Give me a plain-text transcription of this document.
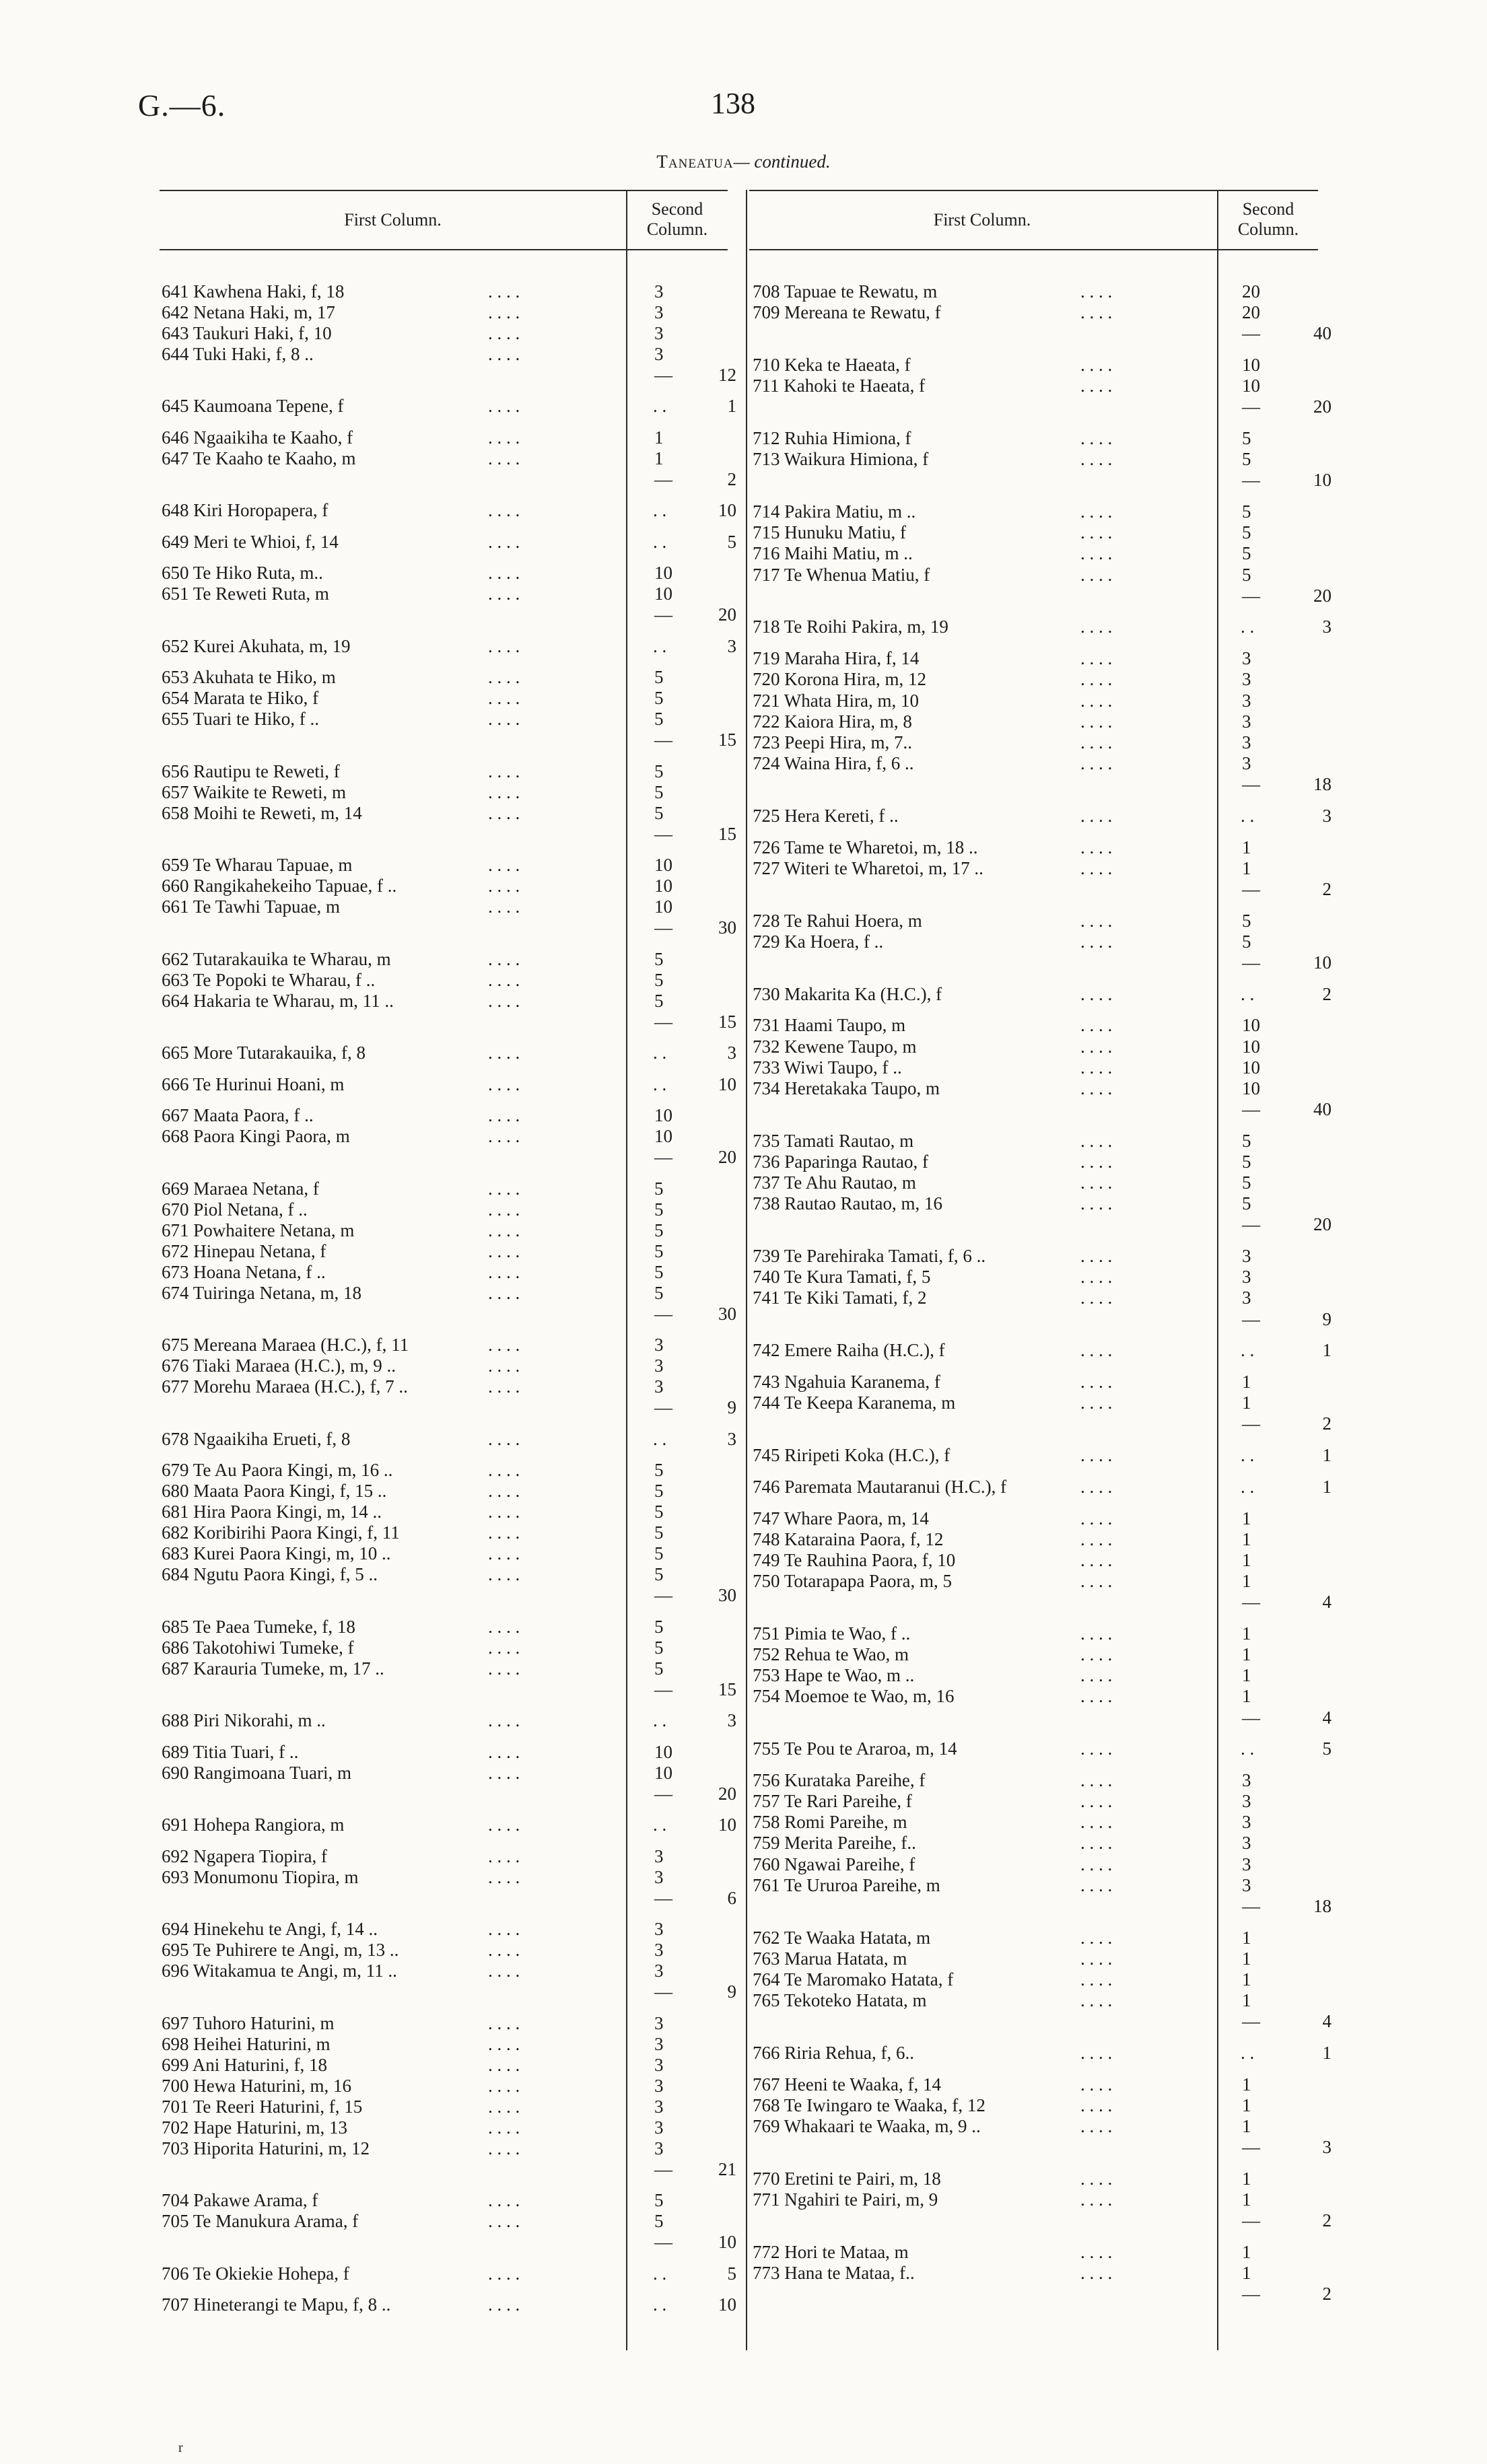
G.—6.	138
Taneatua— continued.
First Column.
Second
Column.	First Column.
Second
Column.
641 Kawhena Haki, f, 18	. . . .	3
642 Netana Haki, m, 17	. . . .	3
643 Taukuri Haki, f, 10	. . . .	3
644 Tuki Haki, f, 8 ..	. . . .	3
—	12
645 Kaumoana Tepene, f	. . . .	. .	1
646 Ngaaikiha te Kaaho, f	. . . .	1
647 Te Kaaho te Kaaho, m	. . . .	1
—	2
648 Kiri Horopapera, f	. . . .	. .	10
649 Meri te Whioi, f, 14	. . . .	. .	5
650 Te Hiko Ruta, m..	. . . .	10
651 Te Reweti Ruta, m	. . . .	10
—	20
652 Kurei Akuhata, m, 19	. . . .	. .	3
653 Akuhata te Hiko, m	. . . .	5
654 Marata te Hiko, f	. . . .	5
655 Tuari te Hiko, f ..	. . . .	5
—	15
656 Rautipu te Reweti, f	. . . .	5
657 Waikite te Reweti, m	. . . .	5
658 Moihi te Reweti, m, 14	. . . .	5
—	15
659 Te Wharau Tapuae, m	. . . .	10
660 Rangikahekeiho Tapuae, f ..	. . . .	10
661 Te Tawhi Tapuae, m	. . . .	10
—	30
662 Tutarakauika te Wharau, m	. . . .	5
663 Te Popoki te Wharau, f ..	. . . .	5
664 Hakaria te Wharau, m, 11 ..	. . . .	5
—	15
665 More Tutarakauika, f, 8	. . . .	. .	3
666 Te Hurinui Hoani, m	. . . .	. .	10
667 Maata Paora, f ..	. . . .	10
668 Paora Kingi Paora, m	. . . .	10
—	20
669 Maraea Netana, f	. . . .	5
670 Piol Netana, f ..	. . . .	5
671 Powhaitere Netana, m	. . . .	5
672 Hinepau Netana, f	. . . .	5
673 Hoana Netana, f ..	. . . .	5
674 Tuiringa Netana, m, 18	. . . .	5
—	30
675 Mereana Maraea (H.C.), f, 11	. . . .	3
676 Tiaki Maraea (H.C.), m, 9 ..	. . . .	3
677 Morehu Maraea (H.C.), f, 7 ..	. . . .	3
—	9
678 Ngaaikiha Erueti, f, 8	. . . .	. .	3
679 Te Au Paora Kingi, m, 16 ..	. . . .	5
680 Maata Paora Kingi, f, 15 ..	. . . .	5
681 Hira Paora Kingi, m, 14 ..	. . . .	5
682 Koribirihi Paora Kingi, f, 11	. . . .	5
683 Kurei Paora Kingi, m, 10 ..	. . . .	5
684 Ngutu Paora Kingi, f, 5 ..	. . . .	5
—	30
685 Te Paea Tumeke, f, 18	. . . .	5
686 Takotohiwi Tumeke, f	. . . .	5
687 Karauria Tumeke, m, 17 ..	. . . .	5
—	15
688 Piri Nikorahi, m ..	. . . .	. .	3
689 Titia Tuari, f ..	. . . .	10
690 Rangimoana Tuari, m	. . . .	10
—	20
691 Hohepa Rangiora, m	. . . .	. .	10
692 Ngapera Tiopira, f	. . . .	3
693 Monumonu Tiopira, m	. . . .	3
—	6
694 Hinekehu te Angi, f, 14 ..	. . . .	3
695 Te Puhirere te Angi, m, 13 ..	. . . .	3
696 Witakamua te Angi, m, 11 ..	. . . .	3
—	9
697 Tuhoro Haturini, m	. . . .	3
698 Heihei Haturini, m	. . . .	3
699 Ani Haturini, f, 18	. . . .	3
700 Hewa Haturini, m, 16	. . . .	3
701 Te Reeri Haturini, f, 15	. . . .	3
702 Hape Haturini, m, 13	. . . .	3
703 Hiporita Haturini, m, 12	. . . .	3
—	21
704 Pakawe Arama, f	. . . .	5
705 Te Manukura Arama, f	. . . .	5
—	10
706 Te Okiekie Hohepa, f	. . . .	. .	5
707 Hineterangi te Mapu, f, 8 ..	. . . .	. .	10
708 Tapuae te Rewatu, m	. . . .	20
709 Mereana te Rewatu, f	. . . .	20
—	40
710 Keka te Haeata, f	. . . .	10
711 Kahoki te Haeata, f	. . . .	10
—	20
712 Ruhia Himiona, f	. . . .	5
713 Waikura Himiona, f	. . . .	5
—	10
714 Pakira Matiu, m ..	. . . .	5
715 Hunuku Matiu, f	. . . .	5
716 Maihi Matiu, m ..	. . . .	5
717 Te Whenua Matiu, f	. . . .	5
—	20
718 Te Roihi Pakira, m, 19	. . . .	. .	3
719 Maraha Hira, f, 14	. . . .	3
720 Korona Hira, m, 12	. . . .	3
721 Whata Hira, m, 10	. . . .	3
722 Kaiora Hira, m, 8	. . . .	3
723 Peepi Hira, m, 7..	. . . .	3
724 Waina Hira, f, 6 ..	. . . .	3
—	18
725 Hera Kereti, f ..	. . . .	. .	3
726 Tame te Wharetoi, m, 18 ..	. . . .	1
727 Witeri te Wharetoi, m, 17 ..	. . . .	1
—	2
728 Te Rahui Hoera, m	. . . .	5
729 Ka Hoera, f ..	. . . .	5
—	10
730 Makarita Ka (H.C.), f	. . . .	. .	2
731 Haami Taupo, m	. . . .	10
732 Kewene Taupo, m	. . . .	10
733 Wiwi Taupo, f ..	. . . .	10
734 Heretakaka Taupo, m	. . . .	10
—	40
735 Tamati Rautao, m	. . . .	5
736 Paparinga Rautao, f	. . . .	5
737 Te Ahu Rautao, m	. . . .	5
738 Rautao Rautao, m, 16	. . . .	5
—	20
739 Te Parehiraka Tamati, f, 6 ..	. . . .	3
740 Te Kura Tamati, f, 5	. . . .	3
741 Te Kiki Tamati, f, 2	. . . .	3
—	9
742 Emere Raiha (H.C.), f	. . . .	. .	1
743 Ngahuia Karanema, f	. . . .	1
744 Te Keepa Karanema, m	. . . .	1
—	2
745 Riripeti Koka (H.C.), f	. . . .	. .	1
746 Paremata Mautaranui (H.C.), f	. . . .	. .	1
747 Whare Paora, m, 14	. . . .	1
748 Kataraina Paora, f, 12	. . . .	1
749 Te Rauhina Paora, f, 10	. . . .	1
750 Totarapapa Paora, m, 5	. . . .	1
—	4
751 Pimia te Wao, f ..	. . . .	1
752 Rehua te Wao, m	. . . .	1
753 Hape te Wao, m ..	. . . .	1
754 Moemoe te Wao, m, 16	. . . .	1
—	4
755 Te Pou te Araroa, m, 14	. . . .	. .	5
756 Kurataka Pareihe, f	. . . .	3
757 Te Rari Pareihe, f	. . . .	3
758 Romi Pareihe, m	. . . .	3
759 Merita Pareihe, f..	. . . .	3
760 Ngawai Pareihe, f	. . . .	3
761 Te Ururoa Pareihe, m	. . . .	3
—	18
762 Te Waaka Hatata, m	. . . .	1
763 Marua Hatata, m	. . . .	1
764 Te Maromako Hatata, f	. . . .	1
765 Tekoteko Hatata, m	. . . .	1
—	4
766 Riria Rehua, f, 6..	. . . .	. .	1
767 Heeni te Waaka, f, 14	. . . .	1
768 Te Iwingaro te Waaka, f, 12	. . . .	1
769 Whakaari te Waaka, m, 9 ..	. . . .	1
—	3
770 Eretini te Pairi, m, 18	. . . .	1
771 Ngahiri te Pairi, m, 9	. . . .	1
—	2
772 Hori te Mataa, m	. . . .	1
773 Hana te Mataa, f..	. . . .	1
—	2
r
